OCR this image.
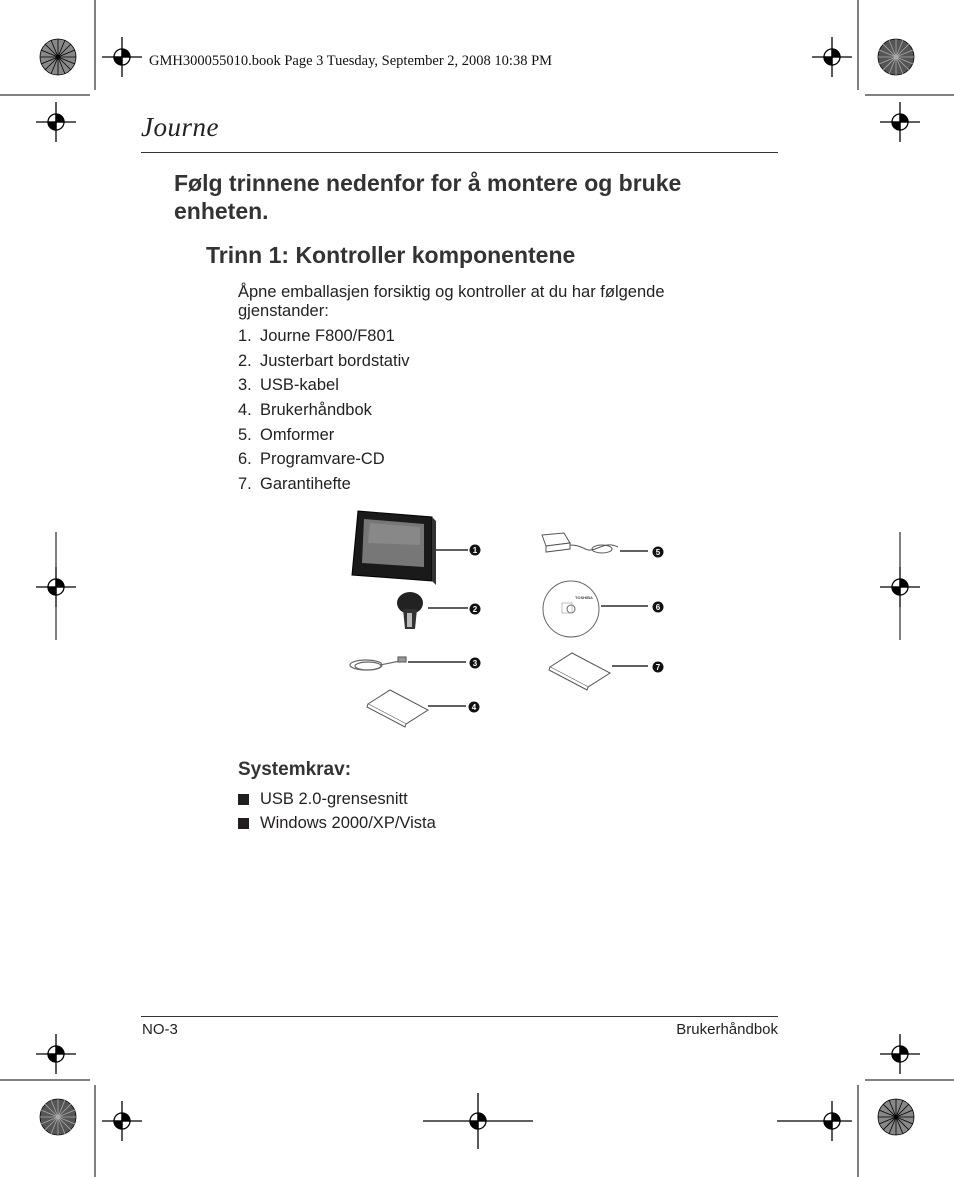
GMH300055010.book Page 3 Tuesday, September 2, 2008 10:38 PM
Journe
Følg trinnene nedenfor for å montere og bruke enheten.
Trinn 1: Kontroller komponentene
Åpne emballasjen forsiktig og kontroller at du har følgende gjenstander:
1. Journe F800/F801
2. Justerbart bordstativ
3. USB-kabel
4. Brukerhåndbok
5. Omformer
6. Programvare-CD
7. Garantihefte
TOSHIBA
1
2
3
4
5
6
7
Systemkrav:
USB 2.0-grensesnitt
Windows 2000/XP/Vista
NO-3	Brukerhåndbok
